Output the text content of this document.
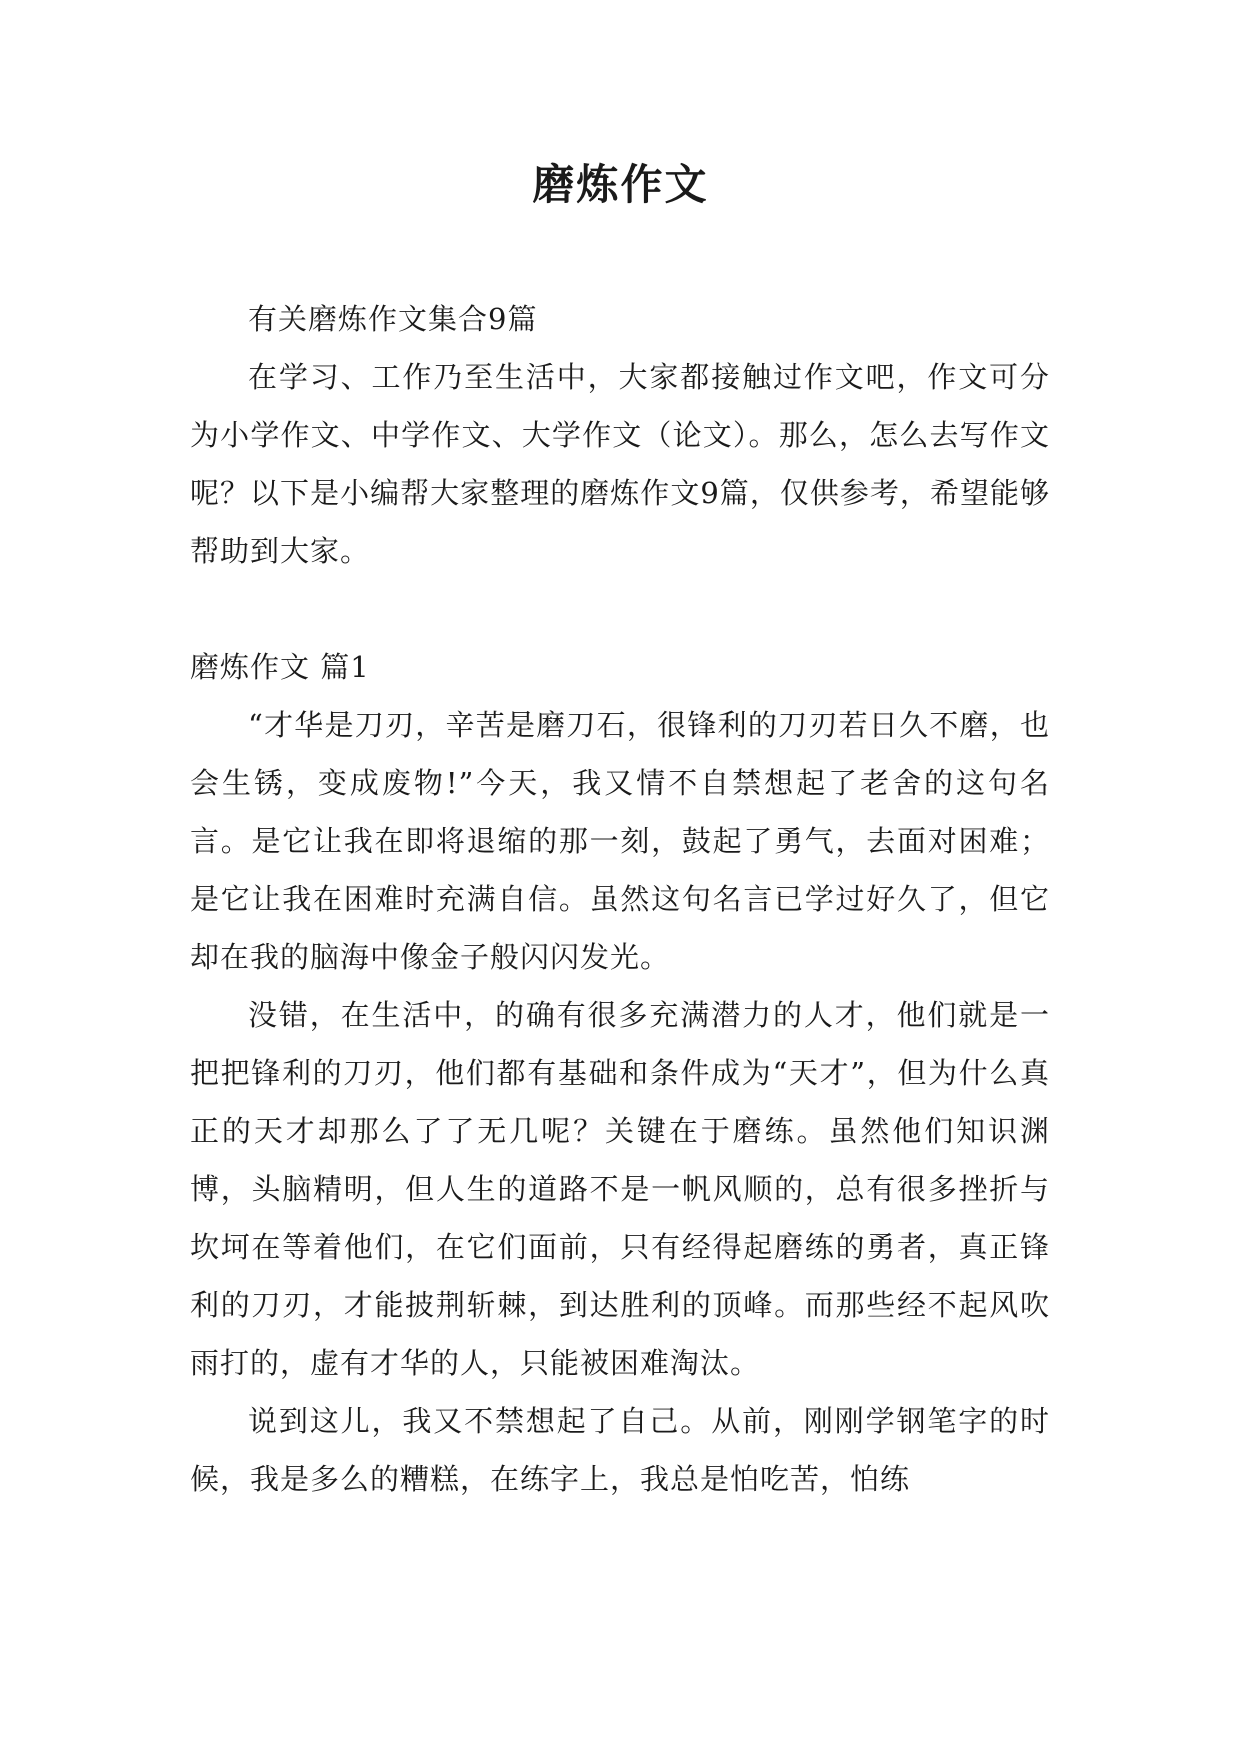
磨炼作文

有关磨炼作文集合9篇

在学习、工作乃至生活中，大家都接触过作文吧，作文可分为小学作文、中学作文、大学作文（论文）。那么，怎么去写作文呢？以下是小编帮大家整理的磨炼作文9篇，仅供参考，希望能够帮助到大家。

磨炼作文 篇1

“才华是刀刃，辛苦是磨刀石，很锋利的刀刃若日久不磨，也会生锈，变成废物!”今天，我又情不自禁想起了老舍的这句名言。是它让我在即将退缩的那一刻，鼓起了勇气，去面对困难；是它让我在困难时充满自信。虽然这句名言已学过好久了，但它却在我的脑海中像金子般闪闪发光。

没错，在生活中，的确有很多充满潜力的人才，他们就是一把把锋利的刀刃，他们都有基础和条件成为“天才”，但为什么真正的天才却那么了了无几呢？关键在于磨练。虽然他们知识渊博，头脑精明，但人生的道路不是一帆风顺的，总有很多挫折与坎坷在等着他们，在它们面前，只有经得起磨练的勇者，真正锋利的刀刃，才能披荆斩棘，到达胜利的顶峰。而那些经不起风吹雨打的，虚有才华的人，只能被困难淘汰。

说到这儿，我又不禁想起了自己。从前，刚刚学钢笔字的时候，我是多么的糟糕，在练字上，我总是怕吃苦，怕练
